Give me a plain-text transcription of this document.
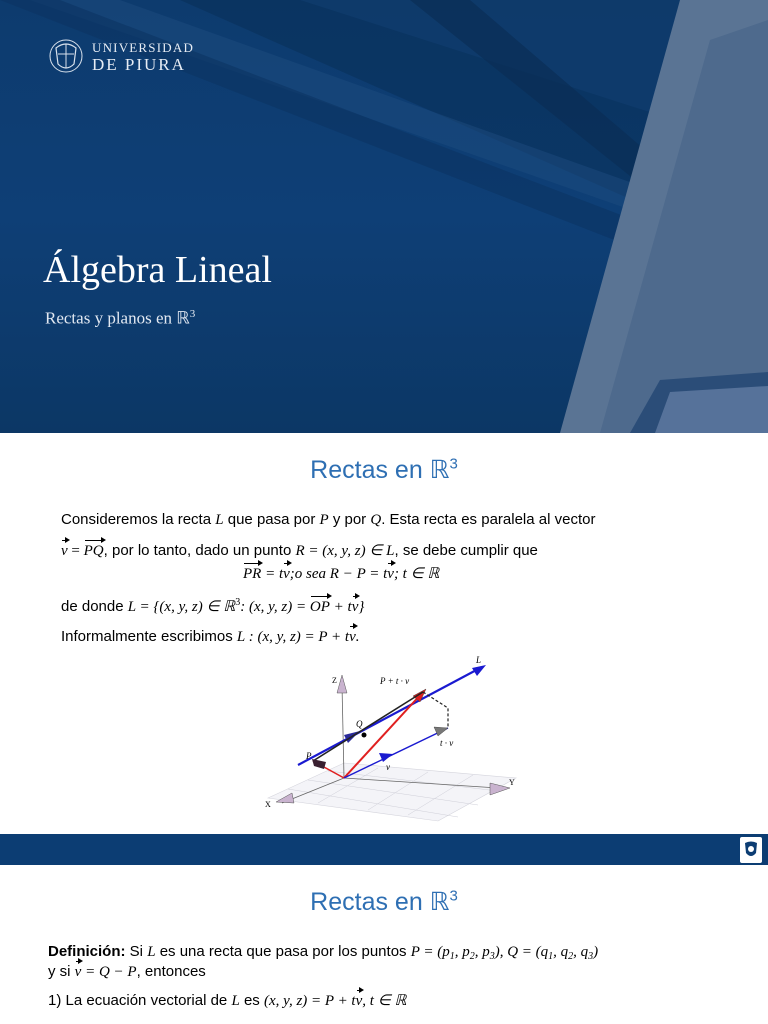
UNIVERSIDAD
DE PIURA
Álgebra Lineal
Rectas y planos en ℝ$^3$
Rectas en ℝ$^3$
Consideremos la recta L que pasa por P y por Q. Esta recta es paralela al vector
v = PQ, por lo tanto, dado un punto R = (x, y, z) ∈ L, se debe cumplir que
PR = tv;o sea R − P = tv; t ∈ ℝ
de donde L = {(x, y, z) ∈ ℝ$^3$: (x, y, z) = OP + tv}
Informalmente escribimos L : (x, y, z) = P + tv.
L
P + t · v
Q
P
t · v
v
X
Y
Z
Rectas en ℝ$^3$
Definición: Si L es una recta que pasa por los puntos $P = (p_1$, $p_2$, $p_3$), $Q = (q_1$, $q_2$, $q_3$)
y si v = Q − P, entonces
1) La ecuación vectorial de L es (x, y, z) = P + tv, t ∈ ℝ
